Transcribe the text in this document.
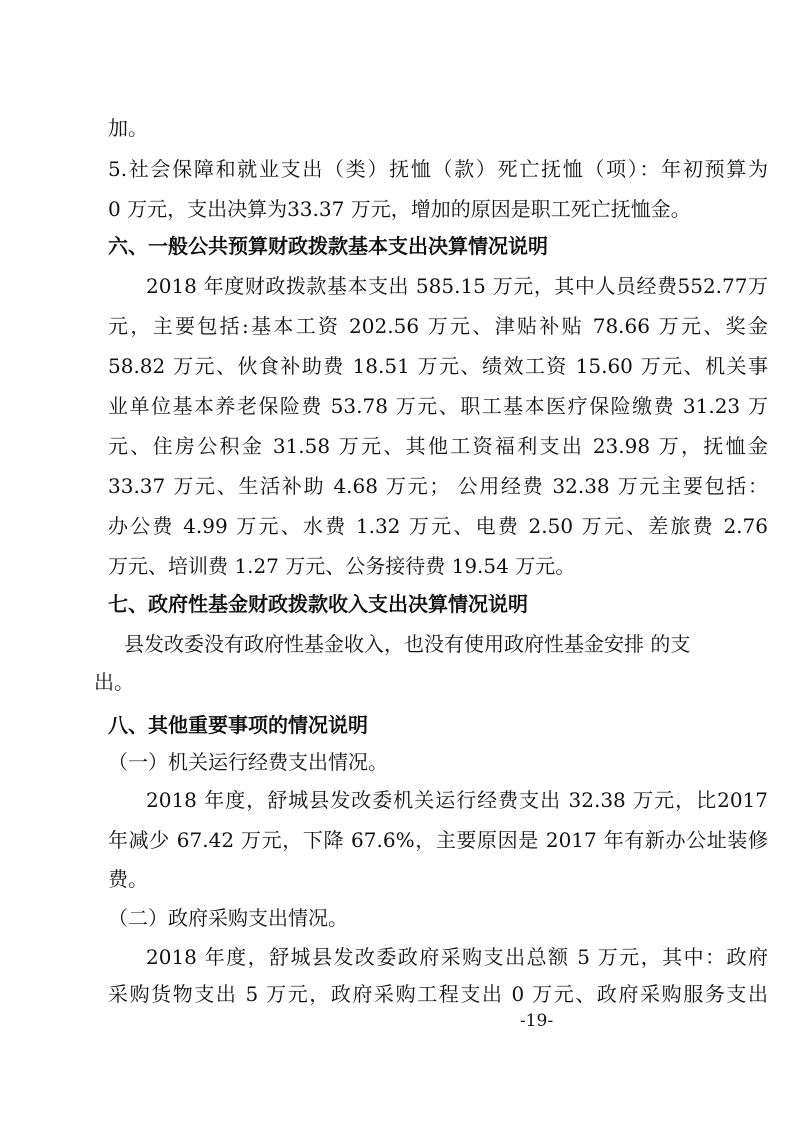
加。
5.社会保障和就业支出（类）抚恤（款）死亡抚恤（项）：年初预算为
0 万元，支出决算为33.37 万元，增加的原因是职工死亡抚恤金。
六、一般公共预算财政拨款基本支出决算情况说明
2018 年度财政拨款基本支出 585.15 万元，其中人员经费552.77万
元，主要包括:基本工资 202.56 万元、津贴补贴 78.66 万元、奖金
58.82 万元、伙食补助费 18.51 万元、绩效工资 15.60 万元、机关事
业单位基本养老保险费 53.78 万元、职工基本医疗保险缴费 31.23 万
元、住房公积金 31.58 万元、其他工资福利支出 23.98 万，抚恤金
33.37 万元、生活补助 4.68 万元； 公用经费 32.38 万元主要包括：
办公费 4.99 万元、水费 1.32 万元、电费 2.50 万元、差旅费 2.76
万元、培训费 1.27 万元、公务接待费 19.54 万元。
七、政府性基金财政拨款收入支出决算情况说明
县发改委没有政府性基金收入，也没有使用政府性基金安排 的支
出。
八、其他重要事项的情况说明
（一）机关运行经费支出情况。
2018 年度，舒城县发改委机关运行经费支出 32.38 万元，比2017
年减少 67.42 万元，下降 67.6%，主要原因是 2017 年有新办公址装修
费。
（二）政府采购支出情况。
2018 年度，舒城县发改委政府采购支出总额 5 万元，其中：政府
采购货物支出 5 万元，政府采购工程支出 0 万元、政府采购服务支出
-19-
